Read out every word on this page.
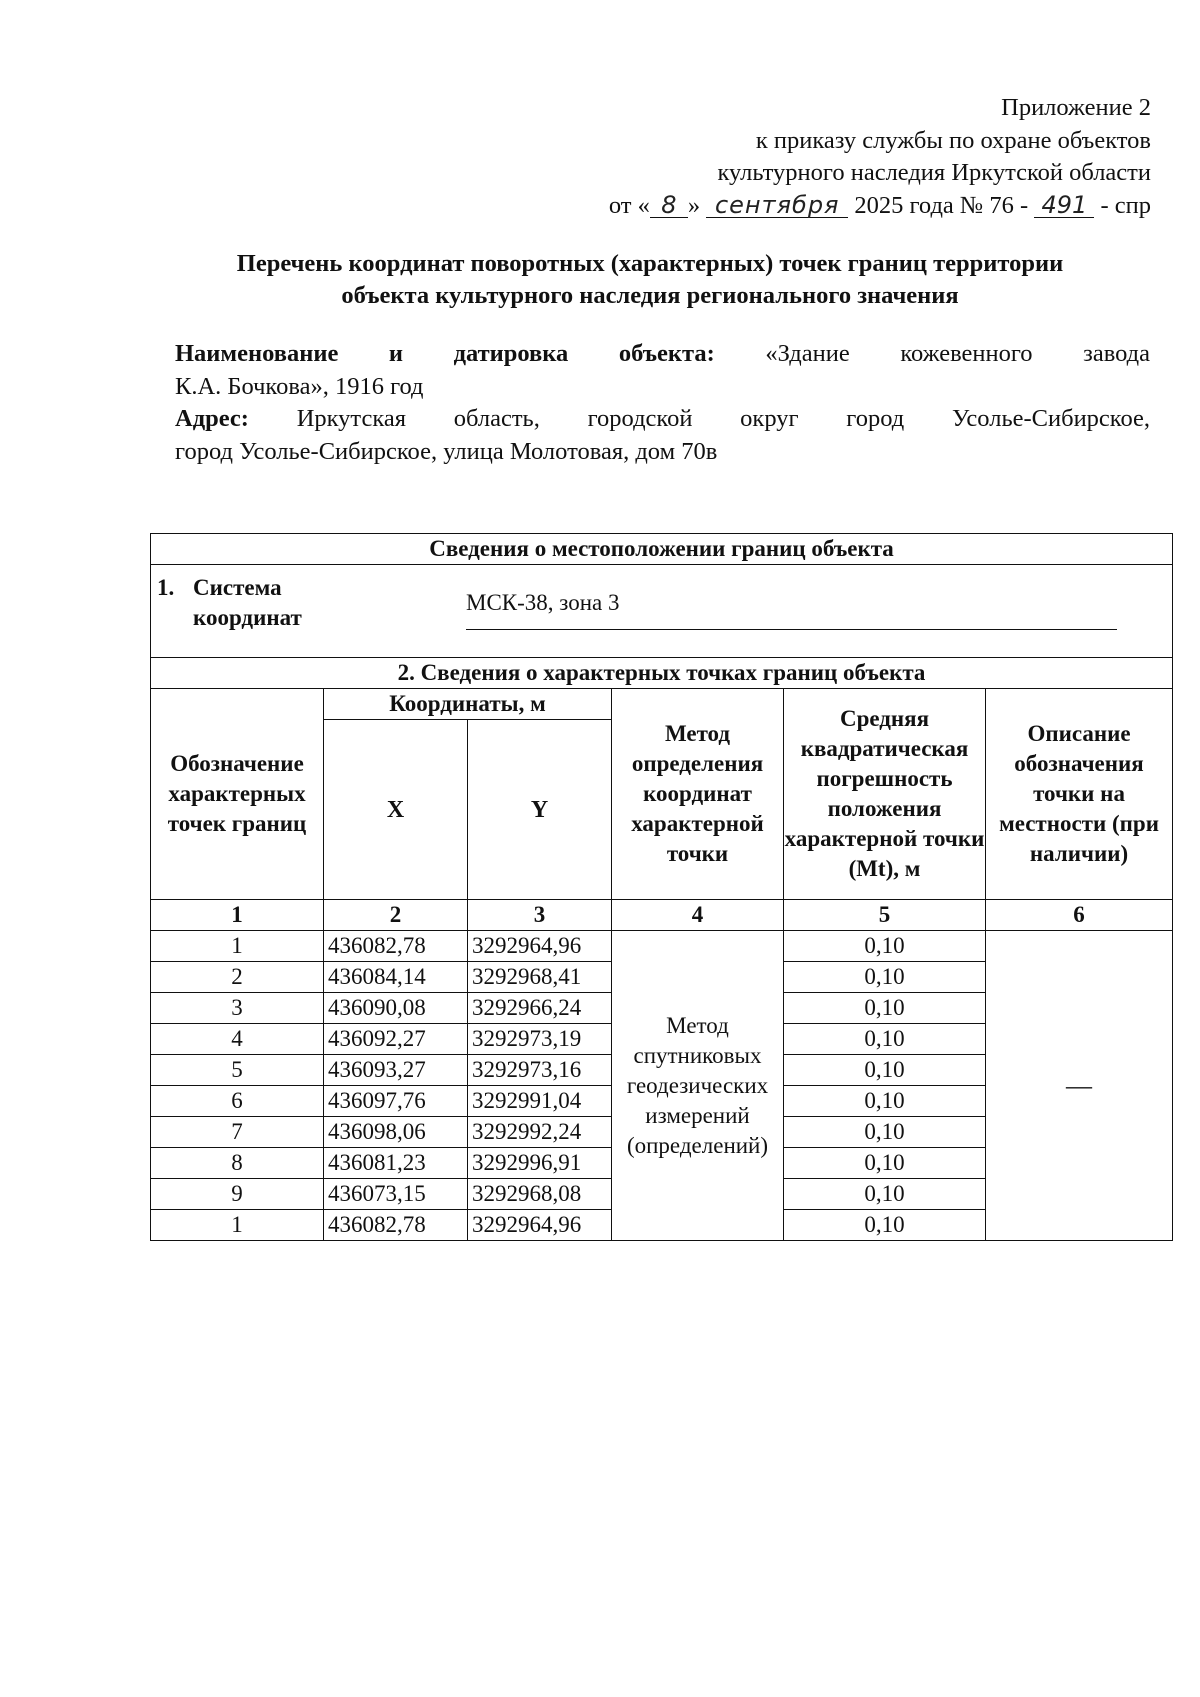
Приложение 2
к приказу службы по охране объектов
культурного наследия Иркутской области
от « 8 » сентября 2025 года № 76 - 491 - спр
Перечень координат поворотных (характерных) точек границ территории
объекта культурного наследия регионального значения

Наименование и датировка объекта: «Здание кожевенного завода

К.А. Бочкова», 1916 год

Адрес: Иркутская область, городской округ город Усолье-Сибирское,

город Усолье-Сибирское, улица Молотовая, дом 70в

Сведения о местоположении границ объекта					

1. Система
координат
МСК-38, зона 3					

2. Сведения о характерных точках границ объекта					
Обозначение характерных точек границ	Координаты, м		Метод определения координат характерной точки	Средняя квадратическая погрешность положения характерной точки (Mt), м	Описание обозначения точки на местности (при наличии)
	X	Y			
1	2	3	4	5	6
1	436082,78	3292964,96	Метод спутниковых геодезических измерений (определений)	0,10	—
2	436084,14	3292968,41		0,10	
3	436090,08	3292966,24		0,10	
4	436092,27	3292973,19		0,10	
5	436093,27	3292973,16		0,10	
6	436097,76	3292991,04		0,10	
7	436098,06	3292992,24		0,10	
8	436081,23	3292996,91		0,10	
9	436073,15	3292968,08		0,10	
1	436082,78	3292964,96		0,10	
